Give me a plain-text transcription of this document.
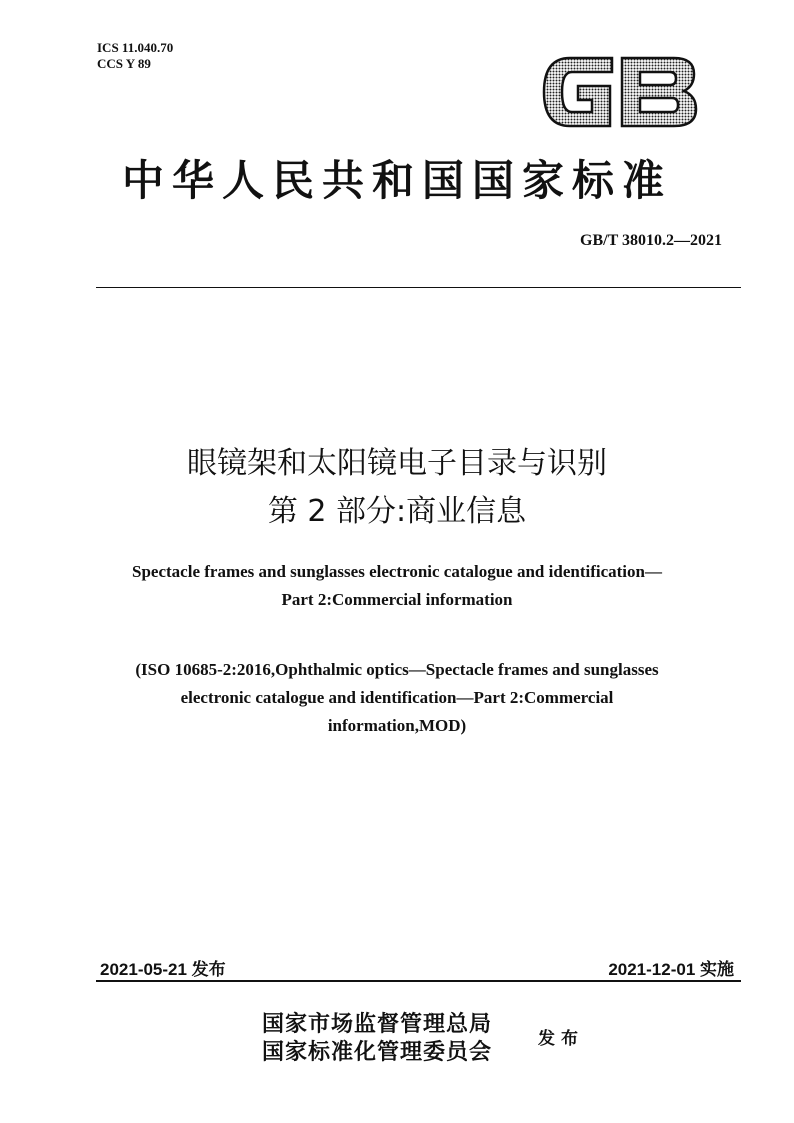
ICS 11.040.70
CCS Y 89
中华人民共和国国家标准
GB/T 38010.2—2021
眼镜架和太阳镜电子目录与识别
第 2 部分:商业信息
Spectacle frames and sunglasses electronic catalogue and identification—
Part 2:Commercial information
(ISO 10685-2:2016,Ophthalmic optics—Spectacle frames and sunglasses electronic catalogue and identification—Part 2:Commercial information,MOD)
2021-05-21 发布	2021-12-01 实施
国家市场监督管理总局
国家标准化管理委员会	发布
